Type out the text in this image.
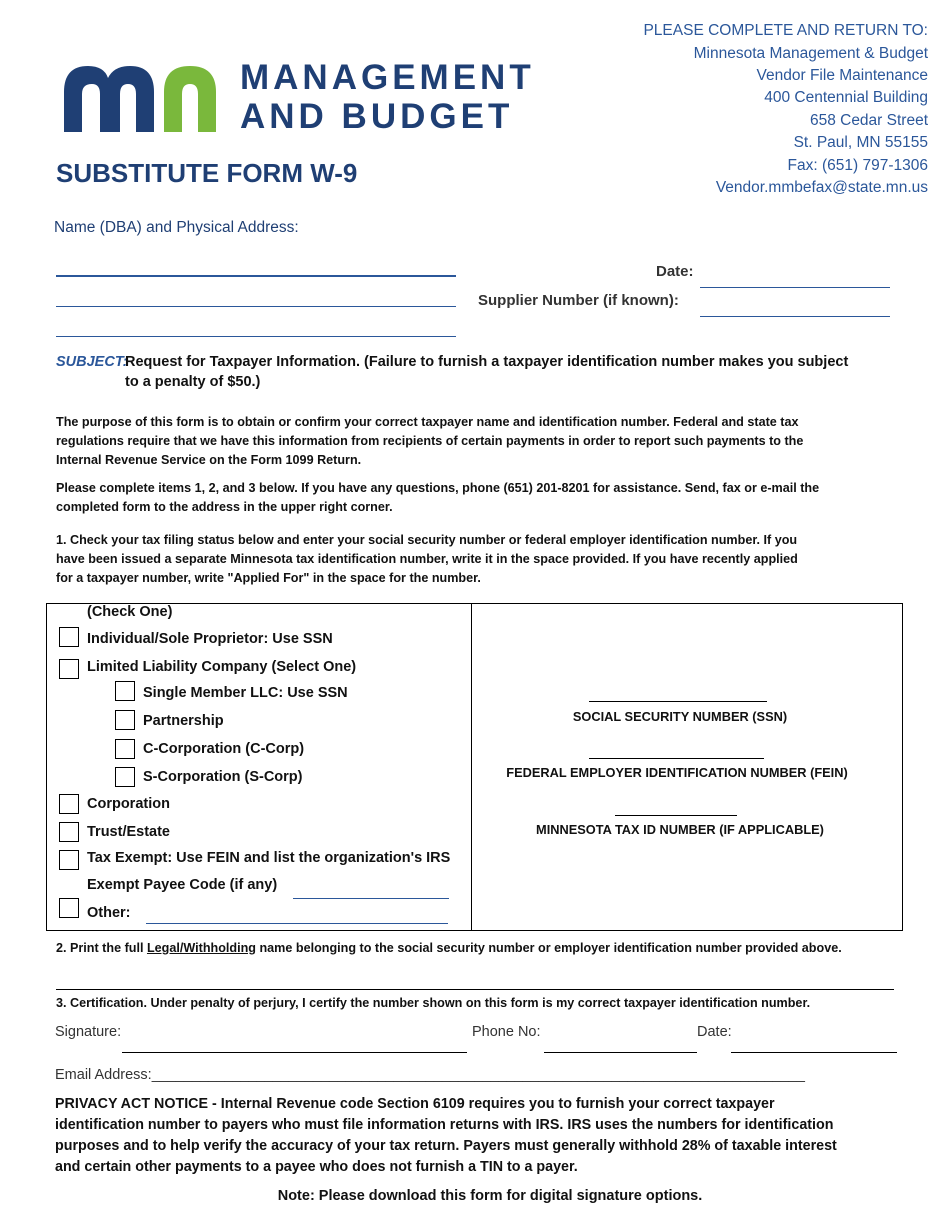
MANAGEMENT
AND BUDGET
SUBSTITUTE FORM W-9
PLEASE COMPLETE AND RETURN TO:
Minnesota Management & Budget
Vendor File Maintenance
400 Centennial Building
658 Cedar Street
St. Paul, MN 55155
Fax: (651) 797-1306
Vendor.mmbefax@state.mn.us
Name (DBA) and Physical Address:
Date:
Supplier Number (if known):
SUBJECT:
Request for Taxpayer Information. (Failure to furnish a taxpayer identification number makes you subject
to a penalty of $50.)
The purpose of this form is to obtain or confirm your correct taxpayer name and identification number. Federal and state tax
regulations require that we have this information from recipients of certain payments in order to report such payments to the
Internal Revenue Service on the Form 1099 Return.
Please complete items 1, 2, and 3 below. If you have any questions, phone (651) 201-8201 for assistance. Send, fax or e-mail the
completed form to the address in the upper right corner.
1. Check your tax filing status below and enter your social security number or federal employer identification number. If you
have been issued a separate Minnesota tax identification number, write it in the space provided. If you have recently applied
for a taxpayer number, write "Applied For" in the space for the number.
(Check One)
Individual/Sole Proprietor: Use SSN
Limited Liability Company (Select One)
Single Member LLC: Use SSN
Partnership
C-Corporation (C-Corp)
S-Corporation (S-Corp)
Corporation
Trust/Estate
Tax Exempt: Use FEIN and list the organization's IRS
Exempt Payee Code (if any)
Other:
SOCIAL SECURITY NUMBER (SSN)
FEDERAL EMPLOYER IDENTIFICATION NUMBER (FEIN)
MINNESOTA TAX ID NUMBER (IF APPLICABLE)
2. Print the full Legal/Withholding name belonging to the social security number or employer identification number provided above.
3. Certification. Under penalty of perjury, I certify the number shown on this form is my correct taxpayer identification number.
Signature:	Phone No:	Date:
Email Address:_________________________________________________________________________________
PRIVACY ACT NOTICE - Internal Revenue code Section 6109 requires you to furnish your correct taxpayer
identification number to payers who must file information returns with IRS. IRS uses the numbers for identification
purposes and to help verify the accuracy of your tax return. Payers must generally withhold 28% of taxable interest
and certain other payments to a payee who does not furnish a TIN to a payer.
Note: Please download this form for digital signature options.
